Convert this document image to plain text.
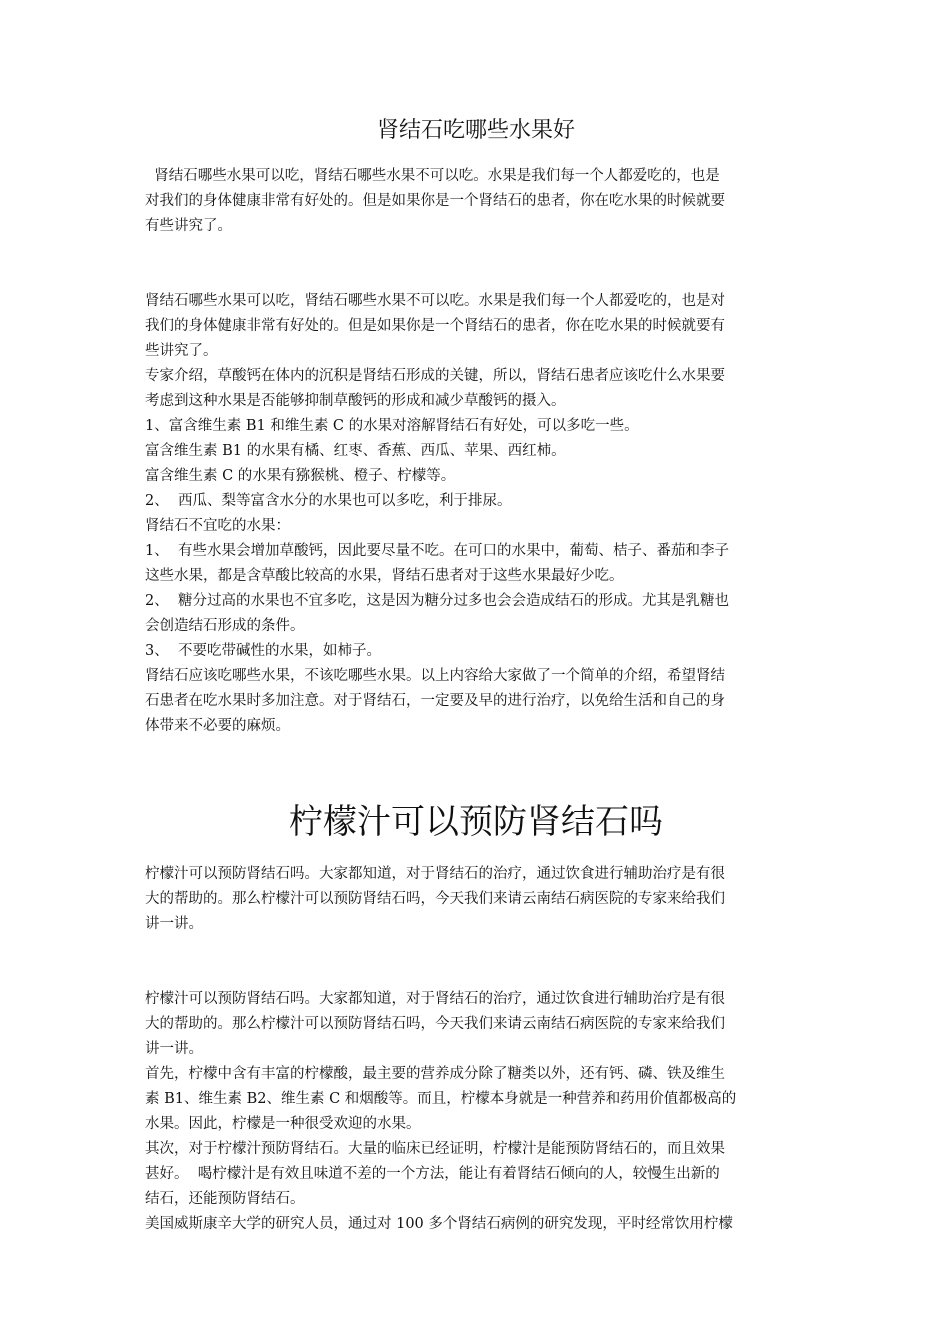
肾结石吃哪些水果好

肾结石哪些水果可以吃，肾结石哪些水果不可以吃。水果是我们每一个人都爱吃的，也是

对我们的身体健康非常有好处的。但是如果你是一个肾结石的患者，你在吃水果的时候就要

有些讲究了。

肾结石哪些水果可以吃，肾结石哪些水果不可以吃。水果是我们每一个人都爱吃的，也是对

我们的身体健康非常有好处的。但是如果你是一个肾结石的患者，你在吃水果的时候就要有

些讲究了。

专家介绍，草酸钙在体内的沉积是肾结石形成的关键，所以，肾结石患者应该吃什么水果要

考虑到这种水果是否能够抑制草酸钙的形成和减少草酸钙的摄入。

1、富含维生素 B1 和维生素 C 的水果对溶解肾结石有好处，可以多吃一些。

富含维生素 B1 的水果有橘、红枣、香蕉、西瓜、苹果、西红柿。

富含维生素 C 的水果有猕猴桃、橙子、柠檬等。

2、  西瓜、梨等富含水分的水果也可以多吃，利于排尿。

肾结石不宜吃的水果：

1、  有些水果会增加草酸钙，因此要尽量不吃。在可口的水果中，葡萄、桔子、番茄和李子

这些水果，都是含草酸比较高的水果，肾结石患者对于这些水果最好少吃。

2、  糖分过高的水果也不宜多吃，这是因为糖分过多也会会造成结石的形成。尤其是乳糖也

会创造结石形成的条件。

3、  不要吃带碱性的水果，如柿子。

肾结石应该吃哪些水果，不该吃哪些水果。以上内容给大家做了一个简单的介绍，希望肾结

石患者在吃水果时多加注意。对于肾结石，一定要及早的进行治疗，以免给生活和自己的身

体带来不必要的麻烦。

柠檬汁可以预防肾结石吗

柠檬汁可以预防肾结石吗。大家都知道，对于肾结石的治疗，通过饮食进行辅助治疗是有很

大的帮助的。那么柠檬汁可以预防肾结石吗，今天我们来请云南结石病医院的专家来给我们

讲一讲。

柠檬汁可以预防肾结石吗。大家都知道，对于肾结石的治疗，通过饮食进行辅助治疗是有很

大的帮助的。那么柠檬汁可以预防肾结石吗，今天我们来请云南结石病医院的专家来给我们

讲一讲。

首先，柠檬中含有丰富的柠檬酸，最主要的营养成分除了糖类以外，还有钙、磷、铁及维生

素 B1、维生素 B2、维生素 C 和烟酸等。而且，柠檬本身就是一种营养和药用价值都极高的

水果。因此，柠檬是一种很受欢迎的水果。

其次，对于柠檬汁预防肾结石。大量的临床已经证明，柠檬汁是能预防肾结石的，而且效果

甚好。  喝柠檬汁是有效且味道不差的一个方法，能让有着肾结石倾向的人，较慢生出新的

结石，还能预防肾结石。

美国威斯康辛大学的研究人员，通过对 100 多个肾结石病例的研究发现，平时经常饮用柠檬
